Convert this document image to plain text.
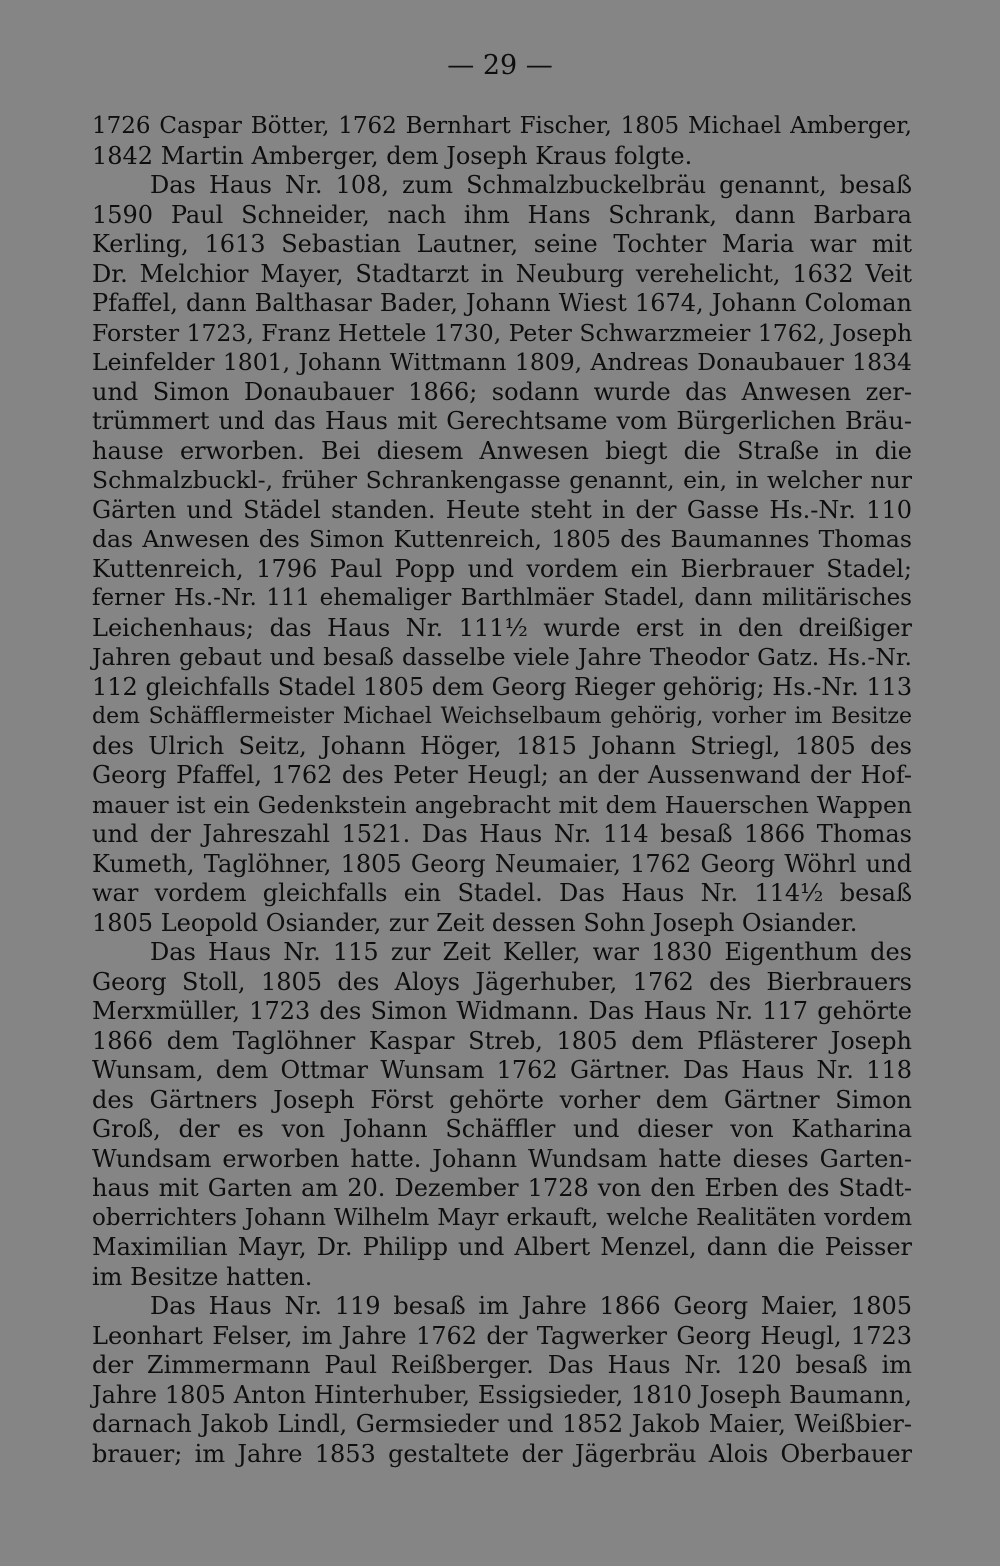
— 29 —
1726 Caspar Bötter, 1762 Bernhart Fischer, 1805 Michael Amberger,
1842 Martin Amberger, dem Joseph Kraus folgte.
Das Haus Nr. 108, zum Schmalzbuckelbräu genannt, besaß
1590 Paul Schneider, nach ihm Hans Schrank, dann Barbara
Kerling, 1613 Sebastian Lautner, seine Tochter Maria war mit
Dr. Melchior Mayer, Stadtarzt in Neuburg verehelicht, 1632 Veit
Pfaffel, dann Balthasar Bader, Johann Wiest 1674, Johann Coloman
Forster 1723, Franz Hettele 1730, Peter Schwarzmeier 1762, Joseph
Leinfelder 1801, Johann Wittmann 1809, Andreas Donaubauer 1834
und Simon Donaubauer 1866; sodann wurde das Anwesen zer-
trümmert und das Haus mit Gerechtsame vom Bürgerlichen Bräu-
hause erworben. Bei diesem Anwesen biegt die Straße in die
Schmalzbuckl-, früher Schrankengasse genannt, ein, in welcher nur
Gärten und Städel standen. Heute steht in der Gasse Hs.-Nr. 110
das Anwesen des Simon Kuttenreich, 1805 des Baumannes Thomas
Kuttenreich, 1796 Paul Popp und vordem ein Bierbrauer Stadel;
ferner Hs.-Nr. 111 ehemaliger Barthlmäer Stadel, dann militärisches
Leichenhaus; das Haus Nr. 111½ wurde erst in den dreißiger
Jahren gebaut und besaß dasselbe viele Jahre Theodor Gatz. Hs.-Nr.
112 gleichfalls Stadel 1805 dem Georg Rieger gehörig; Hs.-Nr. 113
dem Schäfflermeister Michael Weichselbaum gehörig, vorher im Besitze
des Ulrich Seitz, Johann Höger, 1815 Johann Striegl, 1805 des
Georg Pfaffel, 1762 des Peter Heugl; an der Aussenwand der Hof-
mauer ist ein Gedenkstein angebracht mit dem Hauerschen Wappen
und der Jahreszahl 1521. Das Haus Nr. 114 besaß 1866 Thomas
Kumeth, Taglöhner, 1805 Georg Neumaier, 1762 Georg Wöhrl und
war vordem gleichfalls ein Stadel. Das Haus Nr. 114½ besaß
1805 Leopold Osiander, zur Zeit dessen Sohn Joseph Osiander.
Das Haus Nr. 115 zur Zeit Keller, war 1830 Eigenthum des
Georg Stoll, 1805 des Aloys Jägerhuber, 1762 des Bierbrauers
Merxmüller, 1723 des Simon Widmann. Das Haus Nr. 117 gehörte
1866 dem Taglöhner Kaspar Streb, 1805 dem Pflästerer Joseph
Wunsam, dem Ottmar Wunsam 1762 Gärtner. Das Haus Nr. 118
des Gärtners Joseph Först gehörte vorher dem Gärtner Simon
Groß, der es von Johann Schäffler und dieser von Katharina
Wundsam erworben hatte. Johann Wundsam hatte dieses Garten-
haus mit Garten am 20. Dezember 1728 von den Erben des Stadt-
oberrichters Johann Wilhelm Mayr erkauft, welche Realitäten vordem
Maximilian Mayr, Dr. Philipp und Albert Menzel, dann die Peisser
im Besitze hatten.
Das Haus Nr. 119 besaß im Jahre 1866 Georg Maier, 1805
Leonhart Felser, im Jahre 1762 der Tagwerker Georg Heugl, 1723
der Zimmermann Paul Reißberger. Das Haus Nr. 120 besaß im
Jahre 1805 Anton Hinterhuber, Essigsieder, 1810 Joseph Baumann,
darnach Jakob Lindl, Germsieder und 1852 Jakob Maier, Weißbier-
brauer; im Jahre 1853 gestaltete der Jägerbräu Alois Oberbauer
